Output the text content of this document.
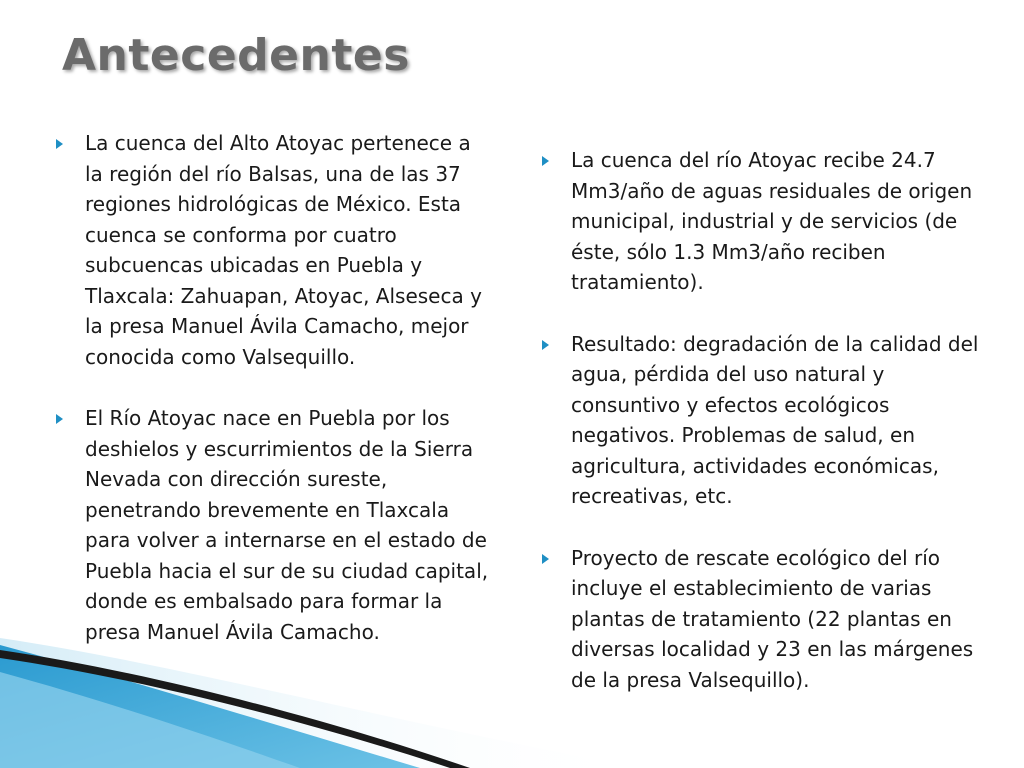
Antecedentes
La cuenca del Alto Atoyac pertenece a la región del río Balsas, una de las 37 regiones hidrológicas de México. Esta cuenca se conforma por cuatro subcuencas ubicadas en Puebla y Tlaxcala: Zahuapan, Atoyac, Alseseca y la presa Manuel Ávila Camacho, mejor conocida como Valsequillo.
El Río Atoyac nace en Puebla por los deshielos y escurrimientos de la Sierra Nevada con dirección sureste, penetrando brevemente en Tlaxcala para volver a internarse en el estado de Puebla hacia el sur de su ciudad capital, donde es embalsado para formar la presa Manuel Ávila Camacho.
La cuenca del río Atoyac recibe 24.7 Mm3/año de aguas residuales de origen municipal, industrial y de servicios (de éste, sólo 1.3 Mm3/año reciben tratamiento).
Resultado: degradación de la calidad del agua, pérdida del uso natural y consuntivo y efectos ecológicos negativos. Problemas de salud, en agricultura, actividades económicas, recreativas, etc.
Proyecto de rescate ecológico del río incluye el establecimiento de varias plantas de tratamiento (22 plantas en diversas localidad y 23 en las márgenes de la presa Valsequillo).
